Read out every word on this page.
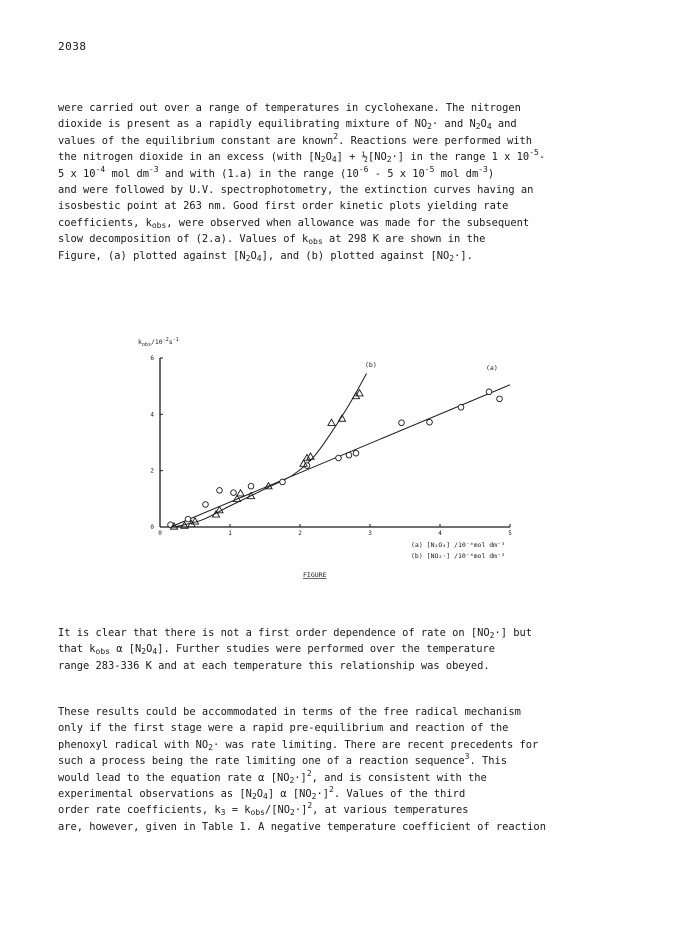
2038

were carried out over a range of temperatures in cyclohexane. The nitrogen
dioxide is present as a rapidly equilibrating mixture of $NO_2\cdot$ and $N_2O_4$ and
values of the equilibrium constant are known$^2$. Reactions were performed with
the nitrogen dioxide in an excess (with $[N_2O_4]$ + $\frac{1}{2}[NO_2\cdot]$ in the range 1 x $10^{-5}-$
5 x $10^{-4}$ mol $dm^{-3}$ and with (1.a) in the range ($10^{-6} - 5$ x $10^{-5}$ mol $dm^{-3}$)
and were followed by U.V. spectrophotometry, the extinction curves having an
isosbestic point at 263 nm. Good first order kinetic plots yielding rate
coefficients, $k_{obs}$, were observed when allowance was made for the subsequent
slow decomposition of (2.a). Values of $k_{obs}$ at 298 K are shown in the
Figure, (a) plotted against $[N_2O_4]$, and (b) plotted against $[NO_2\cdot]$.

$k_{obs}/10^{-2}s^{-1}$
0	1	2	3	4	5
0
2
4
6
(b)	(a)
(a) [N₂O₄] /10⁻⁴mol dm⁻³
(b) [NO₂·] /10⁻⁴mol dm⁻³
FIGURE

It is clear that there is not a first order dependence of rate on $[NO_2\cdot]$ but
that $k_{obs}$ α $[N_2O_4]$. Further studies were performed over the temperature
range 283-336 K and at each temperature this relationship was obeyed.

These results could be accommodated in terms of the free radical mechanism
only if the first stage were a rapid pre-equilibrium and reaction of the
phenoxyl radical with $NO_2\cdot$ was rate limiting. There are recent precedents for
such a process being the rate limiting one of a reaction sequence$^3$. This
would lead to the equation rate α $[NO_2\cdot]^2$, and is consistent with the
experimental observations as $[N_2O_4]$ α $[NO_2\cdot]^2$. Values of the third
order rate coefficients, $k_3 = k_{obs}/[NO_2\cdot]^2$, at various temperatures
are, however, given in Table 1. A negative temperature coefficient of reaction
